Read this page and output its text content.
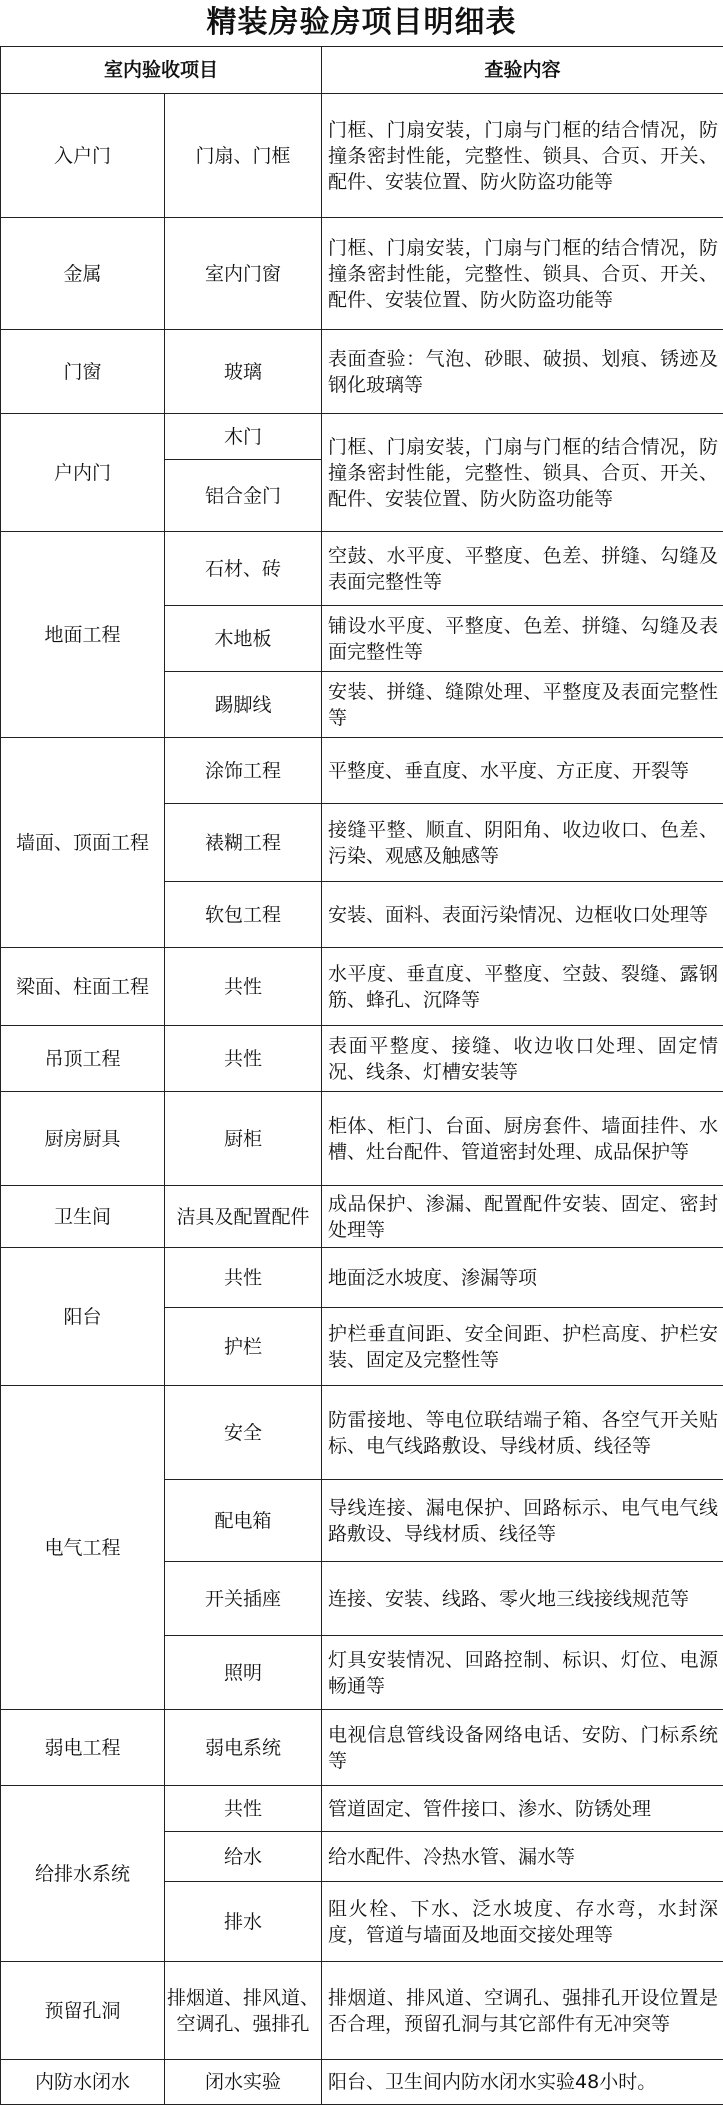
精装房验房项目明细表
室内验收项目		查验内容
入户门	门扇、门框	门框、门扇安装，门扇与门框的结合情况，防撞条密封性能，完整性、锁具、合页、开关、配件、安装位置、防火防盗功能等
金属	室内门窗	门框、门扇安装，门扇与门框的结合情况，防撞条密封性能，完整性、锁具、合页、开关、配件、安装位置、防火防盗功能等
门窗	玻璃	表面查验：气泡、砂眼、破损、划痕、锈迹及钢化玻璃等
户内门	木门	门框、门扇安装，门扇与门框的结合情况，防撞条密封性能，完整性、锁具、合页、开关、配件、安装位置、防火防盗功能等
	铝合金门	
地面工程	石材、砖	空鼓、水平度、平整度、色差、拼缝、勾缝及表面完整性等
	木地板	铺设水平度、平整度、色差、拼缝、勾缝及表面完整性等
	踢脚线	安装、拼缝、缝隙处理、平整度及表面完整性等
墙面、顶面工程	涂饰工程	平整度、垂直度、水平度、方正度、开裂等
	裱糊工程	接缝平整、顺直、阴阳角、收边收口、色差、污染、观感及触感等
	软包工程	安装、面料、表面污染情况、边框收口处理等
梁面、柱面工程	共性	水平度、垂直度、平整度、空鼓、裂缝、露钢筋、蜂孔、沉降等
吊顶工程	共性	表面平整度、接缝、收边收口处理、固定情况、线条、灯槽安装等
厨房厨具	厨柜	柜体、柜门、台面、厨房套件、墙面挂件、水槽、灶台配件、管道密封处理、成品保护等
卫生间	洁具及配置配件	成品保护、渗漏、配置配件安装、固定、密封处理等
阳台	共性	地面泛水坡度、渗漏等项
	护栏	护栏垂直间距、安全间距、护栏高度、护栏安装、固定及完整性等
电气工程	安全	防雷接地、等电位联结端子箱、各空气开关贴标、电气线路敷设、导线材质、线径等
	配电箱	导线连接、漏电保护、回路标示、电气电气线路敷设、导线材质、线径等
	开关插座	连接、安装、线路、零火地三线接线规范等
	照明	灯具安装情况、回路控制、标识、灯位、电源畅通等
弱电工程	弱电系统	电视信息管线设备网络电话、安防、门标系统等
给排水系统	共性	管道固定、管件接口、渗水、防锈处理
	给水	给水配件、冷热水管、漏水等
	排水	阻火栓、下水、泛水坡度、存水弯，水封深度，管道与墙面及地面交接处理等
预留孔洞	排烟道、排风道、空调孔、强排孔	排烟道、排风道、空调孔、强排孔开设位置是否合理，预留孔洞与其它部件有无冲突等
内防水闭水	闭水实验	阳台、卫生间内防水闭水实验48小时。
